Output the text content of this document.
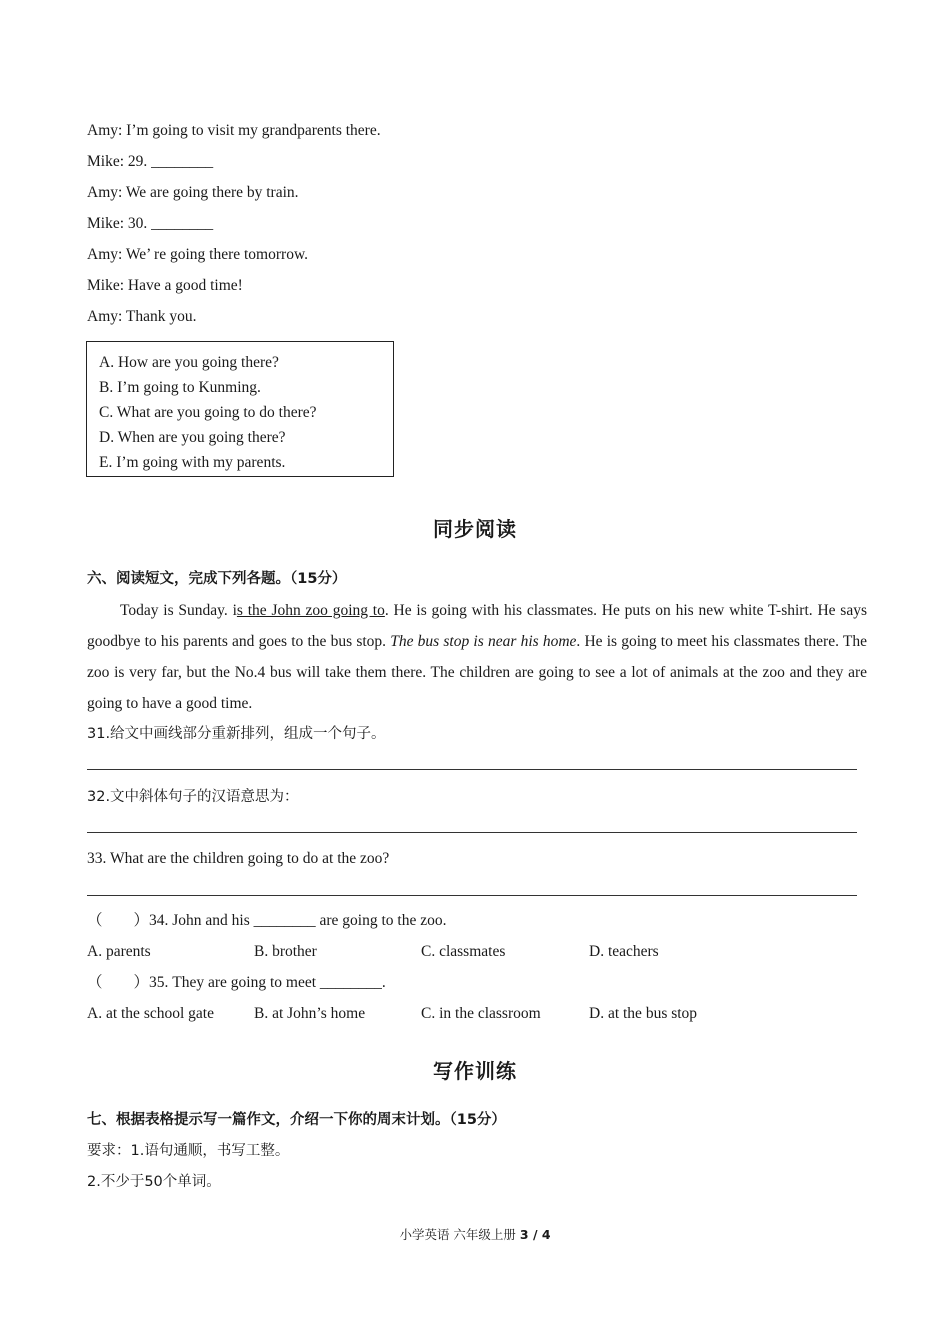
Amy: I’m going to visit my grandparents there.
Mike: 29. ________
Amy: We are going there by train.
Mike: 30. ________
Amy: We’ re going there tomorrow.
Mike: Have a good time!
Amy: Thank you.
A. How are you going there?
B. I’m going to Kunming.
C. What are you going to do there?
D. When are you going there?
E. I’m going with my parents.
同步阅读
六、阅读短文，完成下列各题。（15分）
Today is Sunday. is the John zoo going to. He is going with his classmates. He puts on his new white T-shirt. He says goodbye to his parents and goes to the bus stop. The bus stop is near his home. He is going to meet his classmates there. The zoo is very far, but the No.4 bus will take them there. The children are going to see a lot of animals at the zoo and they are going to have a good time.
31.给文中画线部分重新排列，组成一个句子。
32.文中斜体句子的汉语意思为：
33. What are the children going to do at the zoo?
（　　）34. John and his ________ are going to the zoo.
A. parents	B. brother	C. classmates	D. teachers
（　　）35. They are going to meet ________.
A. at the school gate	B. at John’s home	C. in the classroom	D. at the bus stop
写作训练
七、根据表格提示写一篇作文，介绍一下你的周末计划。（15分）
要求：1.语句通顺，书写工整。
2.不少于50个单词。
小学英语 六年级上册 3 / 4
